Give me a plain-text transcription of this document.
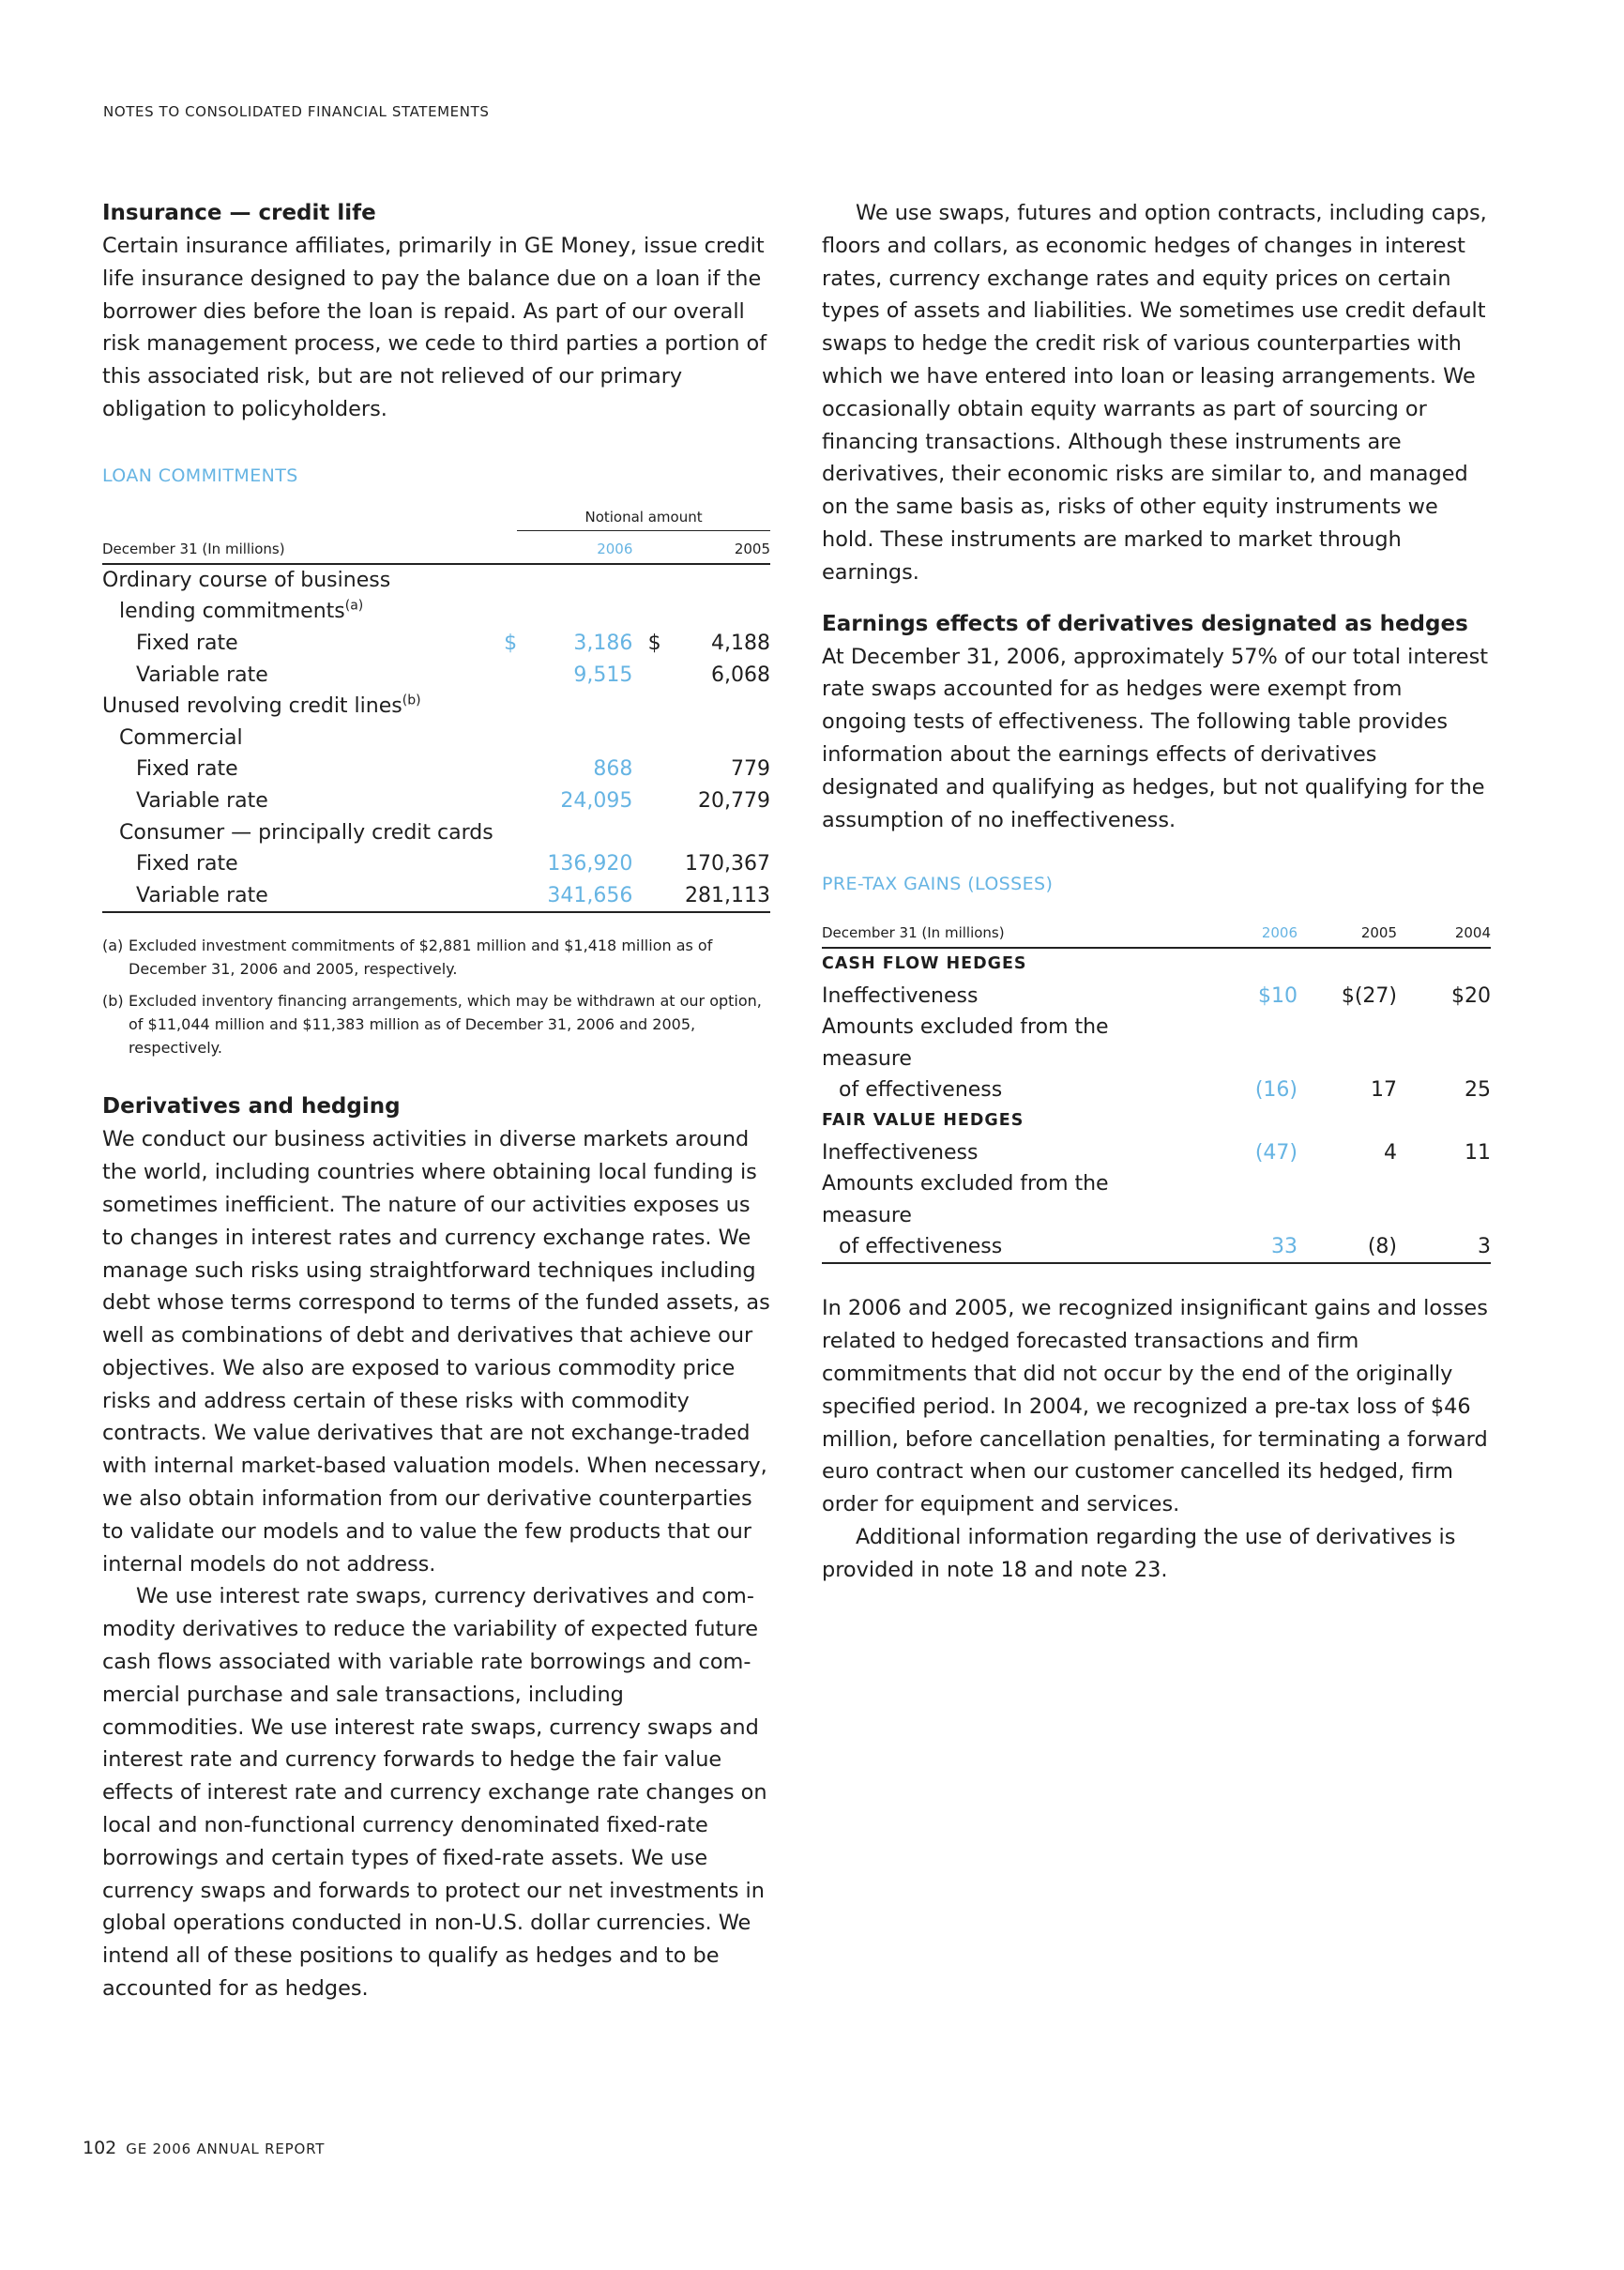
NOTES TO CONSOLIDATED FINANCIAL STATEMENTS
Insurance — credit life

Certain insurance affiliates, primarily in GE Money, issue credit life insurance designed to pay the balance due on a loan if the borrower dies before the loan is repaid. As part of our overall risk management process, we cede to third parties a portion of this associated risk, but are not relieved of our primary obligation to policyholders.

LOAN COMMITMENTS

		Notional amount		
December 31 (In millions)		2006		2005
Ordinary course of business				
lending commitments$^{(a)}$				
Fixed rate	$	3,186	$	4,188
Variable rate		9,515		6,068
Unused revolving credit lines$^{(b)}$				
Commercial				
Fixed rate		868		779
Variable rate		24,095		20,779
Consumer — principally credit cards				
Fixed rate		136,920		170,367
Variable rate		341,656		281,113
(a) Excluded investment commitments of $2,881 million and $1,418 million as of December 31, 2006 and 2005, respectively.
(b) Excluded inventory financing arrangements, which may be withdrawn at our option, of $11,044 million and $11,383 million as of December 31, 2006 and 2005, respectively.
Derivatives and hedging

We conduct our business activities in diverse markets around the world, including countries where obtaining local funding is sometimes inefficient. The nature of our activities exposes us to changes in interest rates and currency exchange rates. We manage such risks using straightforward techniques including debt whose terms correspond to terms of the funded assets, as well as combinations of debt and derivatives that achieve our objectives. We also are exposed to various commodity price risks and address certain of these risks with commodity contracts. We value derivatives that are not exchange-traded with internal market-based valuation models. When necessary, we also obtain information from our derivative counterparties to validate our models and to value the few products that our internal models do not address.

We use interest rate swaps, currency derivatives and commodity derivatives to reduce the variability of expected future cash flows associated with variable rate borrowings and commercial purchase and sale transactions, including commodities. We use interest rate swaps, currency swaps and interest rate and currency forwards to hedge the fair value effects of interest rate and currency exchange rate changes on local and non-functional currency denominated fixed-rate borrowings and certain types of fixed-rate assets. We use currency swaps and forwards to protect our net investments in global operations conducted in non-U.S. dollar currencies. We intend all of these positions to qualify as hedges and to be accounted for as hedges.

We use swaps, futures and option contracts, including caps, floors and collars, as economic hedges of changes in interest rates, currency exchange rates and equity prices on certain types of assets and liabilities. We sometimes use credit default swaps to hedge the credit risk of various counterparties with which we have entered into loan or leasing arrangements. We occasionally obtain equity warrants as part of sourcing or financing transactions. Although these instruments are derivatives, their economic risks are similar to, and managed on the same basis as, risks of other equity instruments we hold. These instruments are marked to market through earnings.

Earnings effects of derivatives designated as hedges

At December 31, 2006, approximately 57% of our total interest rate swaps accounted for as hedges were exempt from ongoing tests of effectiveness. The following table provides information about the earnings effects of derivatives designated and qualifying as hedges, but not qualifying for the assumption of no ineffectiveness.

PRE-TAX GAINS (LOSSES)

December 31 (In millions)	2006	2005	2004
CASH FLOW HEDGES			
Ineffectiveness	$10	$(27)	$20
Amounts excluded from the measure			
of effectiveness	(16)	17	25
FAIR VALUE HEDGES			
Ineffectiveness	(47)	4	11
Amounts excluded from the measure			
of effectiveness	33	(8)	3

In 2006 and 2005, we recognized insignificant gains and losses related to hedged forecasted transactions and firm commitments that did not occur by the end of the originally specified period. In 2004, we recognized a pre-tax loss of $46 million, before cancellation penalties, for terminating a forward euro contract when our customer cancelled its hedged, firm order for equipment and services.

Additional information regarding the use of derivatives is provided in note 18 and note 23.

102 GE 2006 ANNUAL REPORT
